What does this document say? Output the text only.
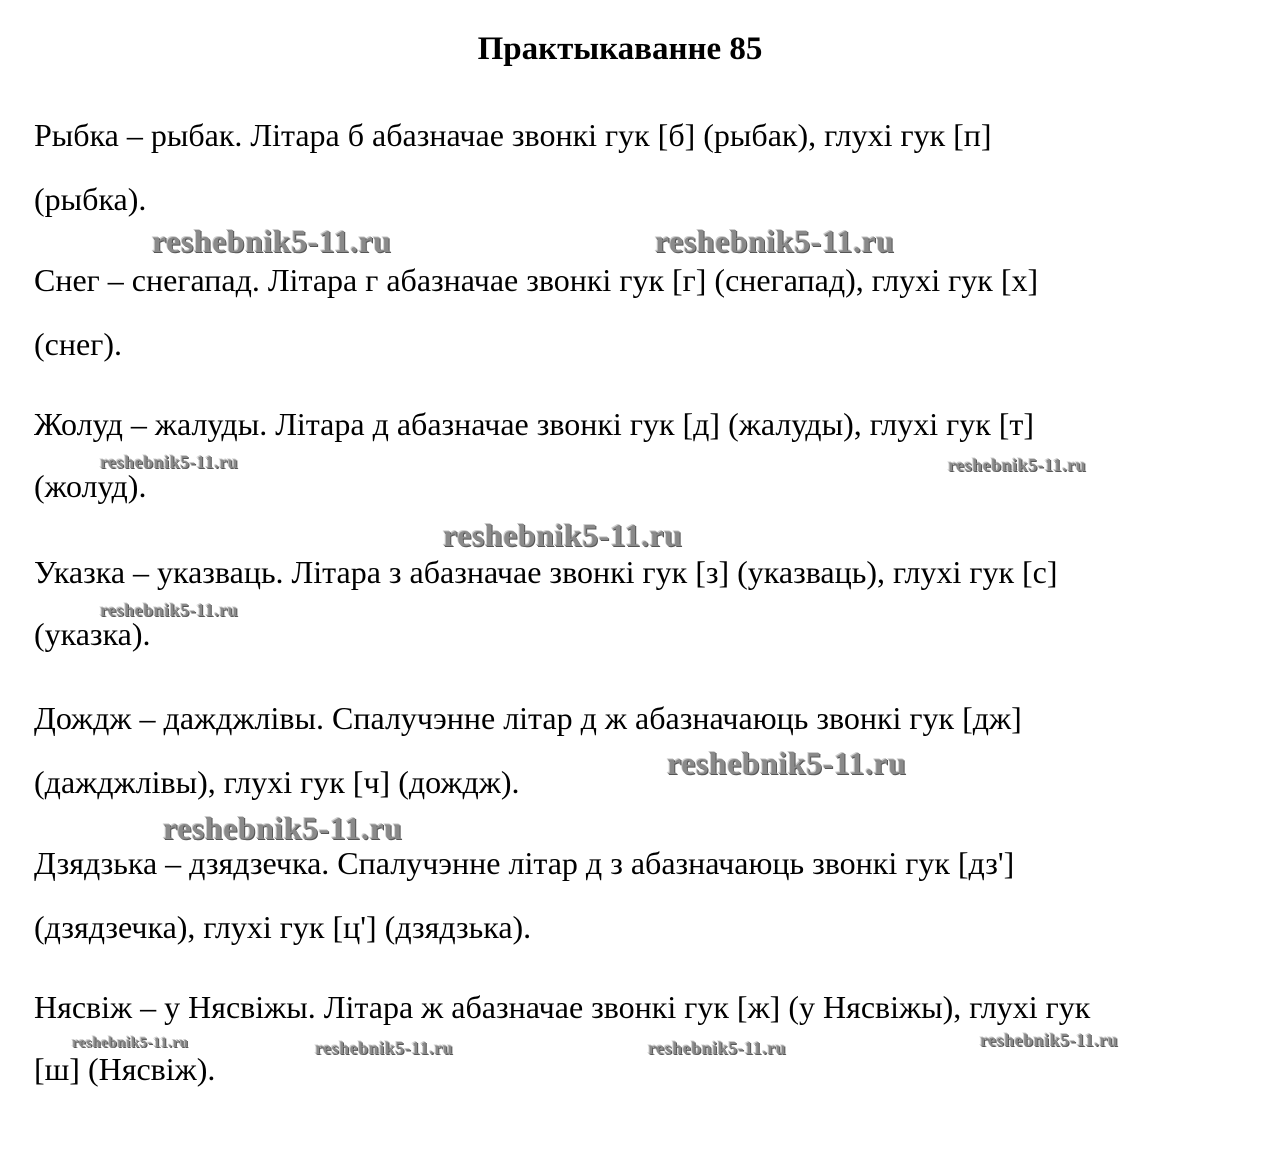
Практыкаванне 85

Рыбка – рыбак. Літара б абазначае звонкі гук [б] (рыбак), глухі гук [п]
(рыбка).

Снег – снегапад. Літара г абазначае звонкі гук [г] (снегапад), глухі гук [х]
(снег).

Жолуд – жалуды. Літара д абазначае звонкі гук [д] (жалуды), глухі гук [т]
(жолуд).

Указка – указваць. Літара з абазначае звонкі гук [з] (указваць), глухі гук [с]
(указка).

Дождж – дажджлівы. Спалучэнне літар д ж абазначаюць звонкі гук [дж]
(дажджлівы), глухі гук [ч] (дождж).

Дзядзька – дзядзечка. Спалучэнне літар д з абазначаюць звонкі гук [дз']
(дзядзечка), глухі гук [ц'] (дзядзька).

Нясвіж – у Нясвіжы. Літара ж абазначае звонкі гук [ж] (у Нясвіжы), глухі гук
[ш] (Нясвіж).

reshebnik5-11.ru	reshebnik5-11.ru
reshebnik5-11.ru	reshebnik5-11.ru
reshebnik5-11.ru
reshebnik5-11.ru
reshebnik5-11.ru
reshebnik5-11.ru
reshebnik5-11.ru	reshebnik5-11.ru	reshebnik5-11.ru	reshebnik5-11.ru
